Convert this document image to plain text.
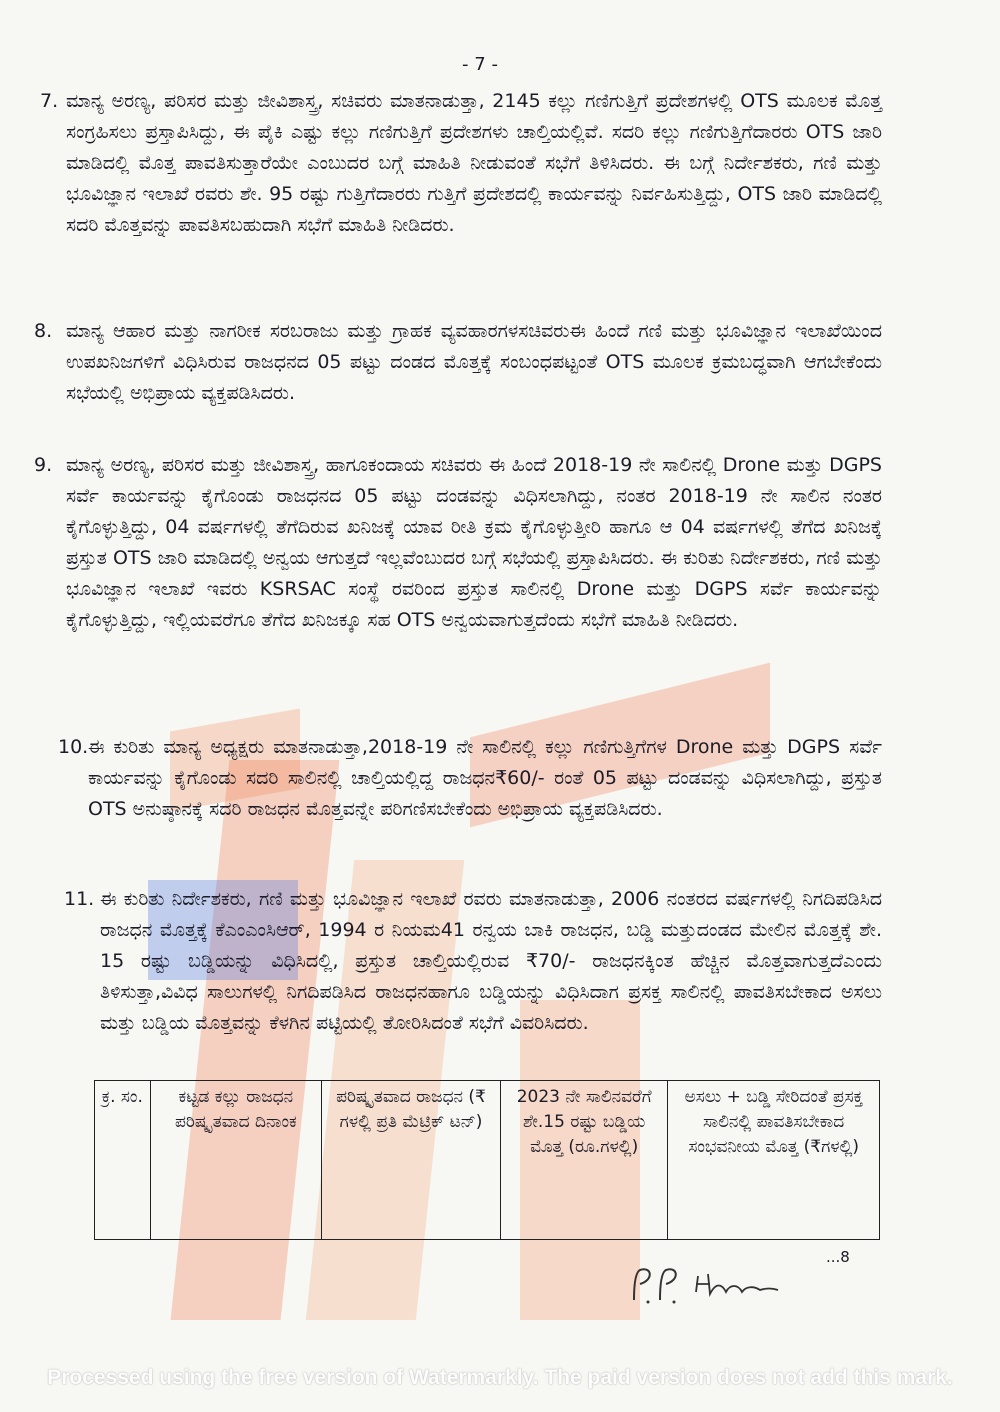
- 7 -
7. ಮಾನ್ಯ ಅರಣ್ಯ, ಪರಿಸರ ಮತ್ತು ಜೀವಿಶಾಸ್ತ್ರ, ಸಚಿವರು ಮಾತನಾಡುತ್ತಾ, 2145 ಕಲ್ಲು ಗಣಿಗುತ್ತಿಗೆ ಪ್ರದೇಶಗಳಲ್ಲಿ OTS ಮೂಲಕ ಮೊತ್ತ ಸಂಗ್ರಹಿಸಲು ಪ್ರಸ್ತಾಪಿಸಿದ್ದು, ಈ ಪೈಕಿ ಎಷ್ಟು ಕಲ್ಲು ಗಣಿಗುತ್ತಿಗೆ ಪ್ರದೇಶಗಳು ಚಾಲ್ತಿಯಲ್ಲಿವೆ. ಸದರಿ ಕಲ್ಲು ಗಣಿಗುತ್ತಿಗೆದಾರರು OTS ಜಾರಿ ಮಾಡಿದಲ್ಲಿ ಮೊತ್ತ ಪಾವತಿಸುತ್ತಾರೆಯೇ ಎಂಬುದರ ಬಗ್ಗೆ ಮಾಹಿತಿ ನೀಡುವಂತೆ ಸಭೆಗೆ ತಿಳಿಸಿದರು. ಈ ಬಗ್ಗೆ ನಿರ್ದೇಶಕರು, ಗಣಿ ಮತ್ತು ಭೂವಿಜ್ಞಾನ ಇಲಾಖೆ ರವರು ಶೇ. 95 ರಷ್ಟು ಗುತ್ತಿಗೆದಾರರು ಗುತ್ತಿಗೆ ಪ್ರದೇಶದಲ್ಲಿ ಕಾರ್ಯವನ್ನು ನಿರ್ವಹಿಸುತ್ತಿದ್ದು, OTS ಜಾರಿ ಮಾಡಿದಲ್ಲಿ ಸದರಿ ಮೊತ್ತವನ್ನು ಪಾವತಿಸಬಹುದಾಗಿ ಸಭೆಗೆ ಮಾಹಿತಿ ನೀಡಿದರು.
8. ಮಾನ್ಯ ಆಹಾರ ಮತ್ತು ನಾಗರೀಕ ಸರಬರಾಜು ಮತ್ತು ಗ್ರಾಹಕ ವ್ಯವಹಾರಗಳಸಚಿವರುಈ ಹಿಂದೆ ಗಣಿ ಮತ್ತು ಭೂವಿಜ್ಞಾನ ಇಲಾಖೆಯಿಂದ ಉಪಖನಿಜಗಳಿಗೆ ವಿಧಿಸಿರುವ ರಾಜಧನದ 05 ಪಟ್ಟು ದಂಡದ ಮೊತ್ತಕ್ಕೆ ಸಂಬಂಧಪಟ್ಟಂತೆ OTS ಮೂಲಕ ಕ್ರಮಬದ್ಧವಾಗಿ ಆಗಬೇಕೆಂದು ಸಭೆಯಲ್ಲಿ ಅಭಿಪ್ರಾಯ ವ್ಯಕ್ತಪಡಿಸಿದರು.
9. ಮಾನ್ಯ ಅರಣ್ಯ, ಪರಿಸರ ಮತ್ತು ಜೀವಿಶಾಸ್ತ್ರ, ಹಾಗೂಕಂದಾಯ ಸಚಿವರು ಈ ಹಿಂದೆ 2018-19 ನೇ ಸಾಲಿನಲ್ಲಿ Drone ಮತ್ತು DGPS ಸರ್ವೆ ಕಾರ್ಯವನ್ನು ಕೈಗೊಂಡು ರಾಜಧನದ 05 ಪಟ್ಟು ದಂಡವನ್ನು ವಿಧಿಸಲಾಗಿದ್ದು, ನಂತರ 2018-19 ನೇ ಸಾಲಿನ ನಂತರ ಕೈಗೊಳ್ಳುತ್ತಿದ್ದು, 04 ವರ್ಷಗಳಲ್ಲಿ ತೆಗೆದಿರುವ ಖನಿಜಕ್ಕೆ ಯಾವ ರೀತಿ ಕ್ರಮ ಕೈಗೊಳ್ಳುತ್ತೀರಿ ಹಾಗೂ ಆ 04 ವರ್ಷಗಳಲ್ಲಿ ತೆಗೆದ ಖನಿಜಕ್ಕೆ ಪ್ರಸ್ತುತ OTS ಜಾರಿ ಮಾಡಿದಲ್ಲಿ ಅನ್ವಯ ಆಗುತ್ತದೆ ಇಲ್ಲವೆಂಬುದರ ಬಗ್ಗೆ ಸಭೆಯಲ್ಲಿ ಪ್ರಸ್ತಾಪಿಸಿದರು. ಈ ಕುರಿತು ನಿರ್ದೇಶಕರು, ಗಣಿ ಮತ್ತು ಭೂವಿಜ್ಞಾನ ಇಲಾಖೆ ಇವರು KSRSAC ಸಂಸ್ಥೆ ರವರಿಂದ ಪ್ರಸ್ತುತ ಸಾಲಿನಲ್ಲಿ Drone ಮತ್ತು DGPS ಸರ್ವೆ ಕಾರ್ಯವನ್ನು ಕೈಗೊಳ್ಳುತ್ತಿದ್ದು, ಇಲ್ಲಿಯವರೆಗೂ ತೆಗೆದ ಖನಿಜಕ್ಕೂ ಸಹ OTS ಅನ್ವಯವಾಗುತ್ತದೆಂದು ಸಭೆಗೆ ಮಾಹಿತಿ ನೀಡಿದರು.
10. ಈ ಕುರಿತು ಮಾನ್ಯ ಅಧ್ಯಕ್ಷರು ಮಾತನಾಡುತ್ತಾ,2018-19 ನೇ ಸಾಲಿನಲ್ಲಿ ಕಲ್ಲು ಗಣಿಗುತ್ತಿಗೆಗಳ Drone ಮತ್ತು DGPS ಸರ್ವೆ ಕಾರ್ಯವನ್ನು ಕೈಗೊಂಡು ಸದರಿ ಸಾಲಿನಲ್ಲಿ ಚಾಲ್ತಿಯಲ್ಲಿದ್ದ ರಾಜಧನ₹60/- ರಂತೆ 05 ಪಟ್ಟು ದಂಡವನ್ನು ವಿಧಿಸಲಾಗಿದ್ದು, ಪ್ರಸ್ತುತ OTS ಅನುಷ್ಠಾನಕ್ಕೆ ಸದರಿ ರಾಜಧನ ಮೊತ್ತವನ್ನೇ ಪರಿಗಣಿಸಬೇಕೆಂದು ಅಭಿಪ್ರಾಯ ವ್ಯಕ್ತಪಡಿಸಿದರು.
11. ಈ ಕುರಿತು ನಿರ್ದೇಶಕರು, ಗಣಿ ಮತ್ತು ಭೂವಿಜ್ಞಾನ ಇಲಾಖೆ ರವರು ಮಾತನಾಡುತ್ತಾ, 2006 ನಂತರದ ವರ್ಷಗಳಲ್ಲಿ ನಿಗದಿಪಡಿಸಿದ ರಾಜಧನ ಮೊತ್ತಕ್ಕೆ ಕೆಎಂಎಂಸಿಆರ್, 1994 ರ ನಿಯಮ41 ರನ್ವಯ ಬಾಕಿ ರಾಜಧನ, ಬಡ್ಡಿ ಮತ್ತುದಂಡದ ಮೇಲಿನ ಮೊತ್ತಕ್ಕೆ ಶೇ. 15 ರಷ್ಟು ಬಡ್ಡಿಯನ್ನು ವಿಧಿಸಿದಲ್ಲಿ, ಪ್ರಸ್ತುತ ಚಾಲ್ತಿಯಲ್ಲಿರುವ ₹70/- ರಾಜಧನಕ್ಕಿಂತ ಹೆಚ್ಚಿನ ಮೊತ್ತವಾಗುತ್ತದೆಎಂದು ತಿಳಿಸುತ್ತಾ,ವಿವಿಧ ಸಾಲುಗಳಲ್ಲಿ ನಿಗದಿಪಡಿಸಿದ ರಾಜಧನಹಾಗೂ ಬಡ್ಡಿಯನ್ನು ವಿಧಿಸಿದಾಗ ಪ್ರಸಕ್ತ ಸಾಲಿನಲ್ಲಿ ಪಾವತಿಸಬೇಕಾದ ಅಸಲು ಮತ್ತು ಬಡ್ಡಿಯ ಮೊತ್ತವನ್ನು ಕೆಳಗಿನ ಪಟ್ಟಿಯಲ್ಲಿ ತೋರಿಸಿದಂತೆ ಸಭೆಗೆ ವಿವರಿಸಿದರು.
ಕ್ರ. ಸಂ.	ಕಟ್ಟಡ ಕಲ್ಲು ರಾಜಧನ ಪರಿಷ್ಕೃತವಾದ ದಿನಾಂಕ	ಪರಿಷ್ಕೃತವಾದ ರಾಜಧನ (₹ ಗಳಲ್ಲಿ ಪ್ರತಿ ಮೆಟ್ರಿಕ್ ಟನ್)	2023 ನೇ ಸಾಲಿನವರೆಗೆ ಶೇ.15 ರಷ್ಟು ಬಡ್ಡಿಯ ಮೊತ್ತ (ರೂ.ಗಳಲ್ಲಿ)	ಅಸಲು + ಬಡ್ಡಿ ಸೇರಿದಂತೆ ಪ್ರಸಕ್ತ ಸಾಲಿನಲ್ಲಿ ಪಾವತಿಸಬೇಕಾದ ಸಂಭವನೀಯ ಮೊತ್ತ (₹ಗಳಲ್ಲಿ)
...8
Processed using the free version of Watermarkly. The paid version does not add this mark.
